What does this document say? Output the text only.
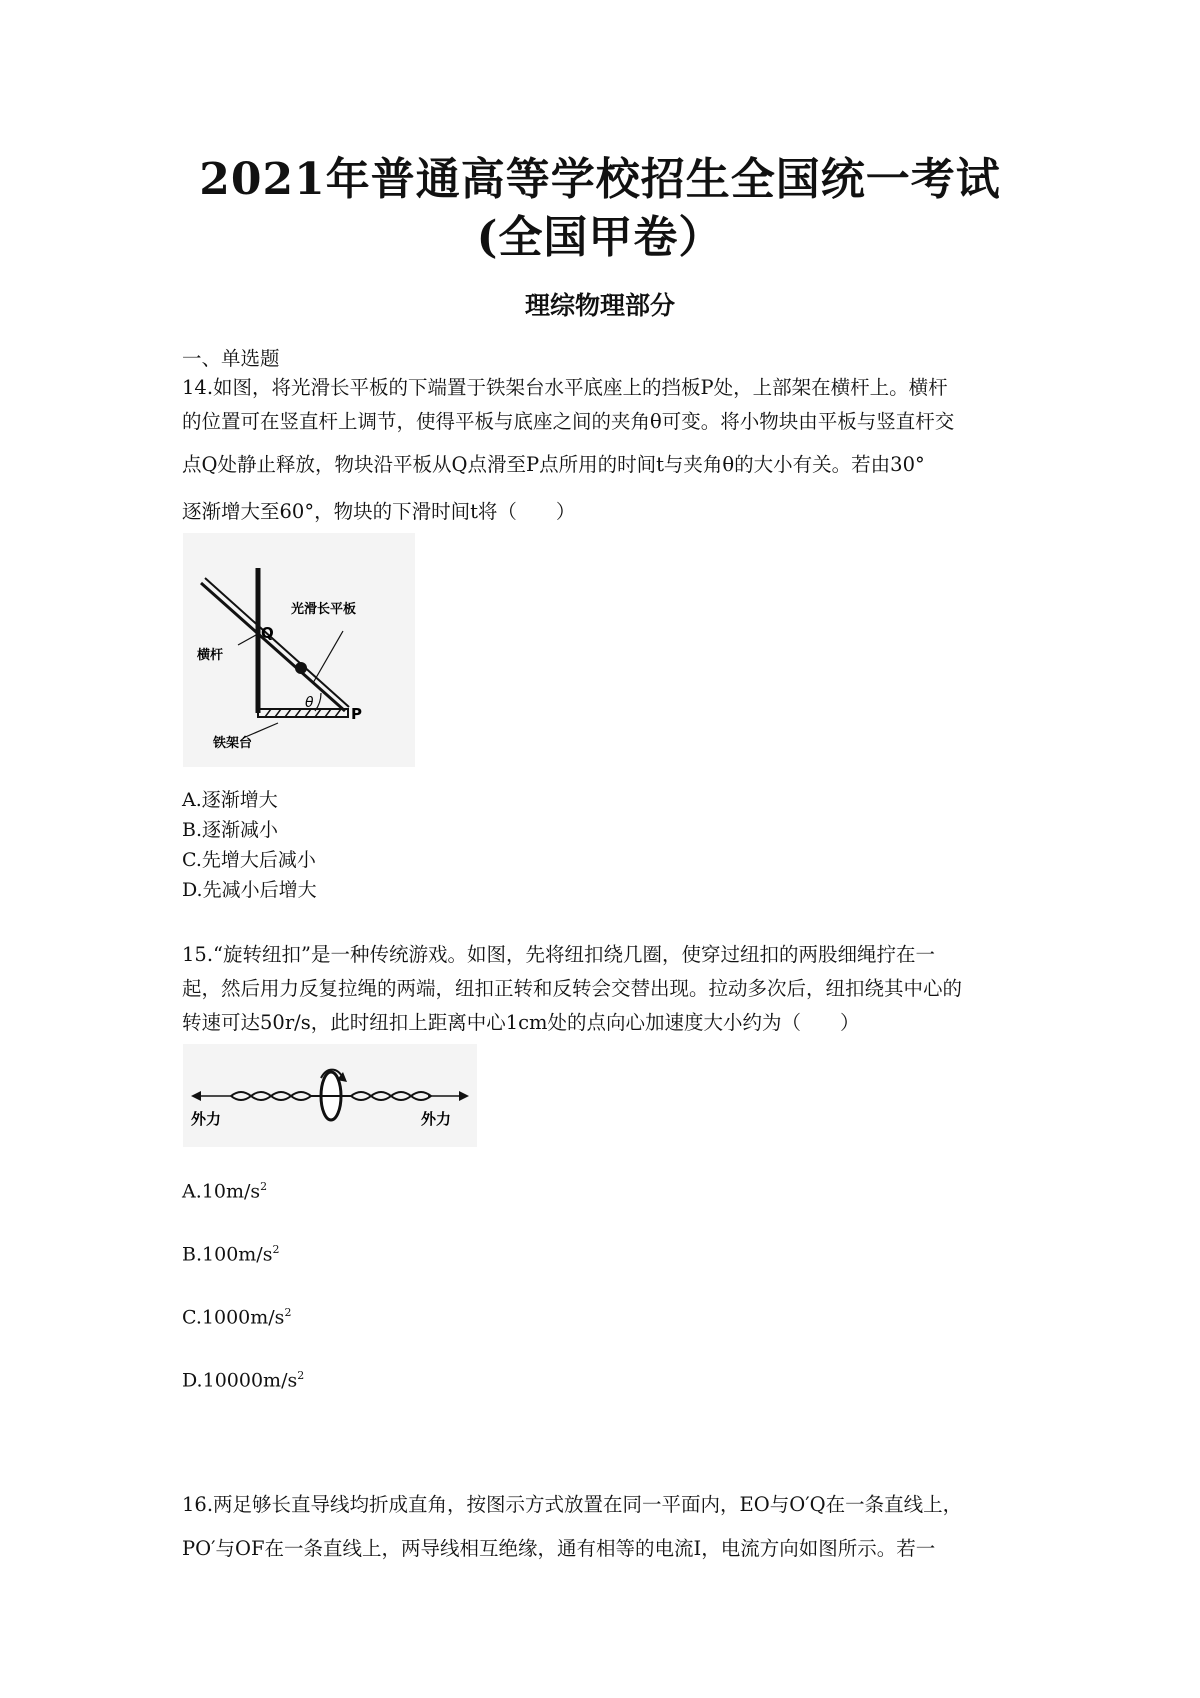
2021年普通高等学校招生全国统一考试
(全国甲卷）
理综物理部分
一、单选题
14.如图，将光滑长平板的下端置于铁架台水平底座上的挡板P处，上部架在横杆上。横杆
的位置可在竖直杆上调节，使得平板与底座之间的夹角θ可变。将小物块由平板与竖直杆交
点Q处静止释放，物块沿平板从Q点滑至P点所用的时间t与夹角θ的大小有关。若由30°
逐渐增大至60°，物块的下滑时间t将（　　）
Q
P
θ
光滑长平板
横杆
铁架台
A.逐渐增大
B.逐渐减小
C.先增大后减小
D.先减小后增大
15.“旋转纽扣”是一种传统游戏。如图，先将纽扣绕几圈，使穿过纽扣的两股细绳拧在一
起，然后用力反复拉绳的两端，纽扣正转和反转会交替出现。拉动多次后，纽扣绕其中心的
转速可达50r/s，此时纽扣上距离中心1cm处的点向心加速度大小约为（　　）
外力	外力
$A.10m/s^2$
$B.100m/s^2$
$C.1000m/s^2$
$D.10000m/s^2$
16.两足够长直导线均折成直角，按图示方式放置在同一平面内，EO与O′Q在一条直线上，
PO′与OF在一条直线上，两导线相互绝缘，通有相等的电流I，电流方向如图所示。若一
